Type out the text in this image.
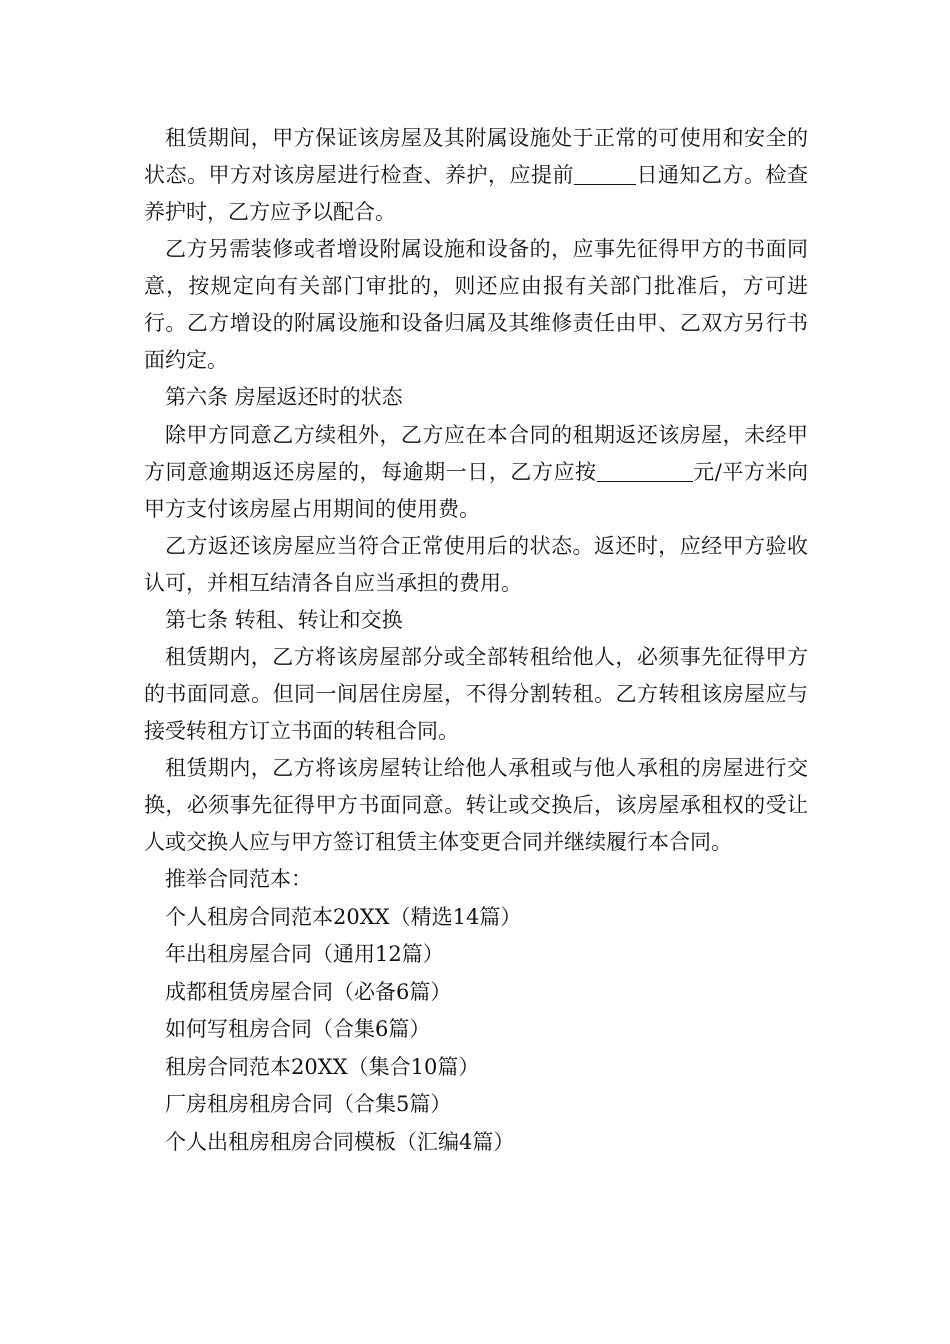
租赁期间，甲方保证该房屋及其附属设施处于正常的可使用和安全的状态。甲方对该房屋进行检查、养护，应提前	日通知乙方。检查养护时，乙方应予以配合。

乙方另需装修或者增设附属设施和设备的，应事先征得甲方的书面同意，按规定向有关部门审批的，则还应由报有关部门批准后，方可进行。乙方增设的附属设施和设备归属及其维修责任由甲、乙双方另行书面约定。

第六条 房屋返还时的状态

除甲方同意乙方续租外，乙方应在本合同的租期返还该房屋，未经甲方同意逾期返还房屋的，每逾期一日，乙方应按	元/平方米向甲方支付该房屋占用期间的使用费。

乙方返还该房屋应当符合正常使用后的状态。返还时，应经甲方验收认可，并相互结清各自应当承担的费用。

第七条 转租、转让和交换

租赁期内，乙方将该房屋部分或全部转租给他人，必须事先征得甲方的书面同意。但同一间居住房屋，不得分割转租。乙方转租该房屋应与接受转租方订立书面的转租合同。

租赁期内，乙方将该房屋转让给他人承租或与他人承租的房屋进行交换，必须事先征得甲方书面同意。转让或交换后，该房屋承租权的受让人或交换人应与甲方签订租赁主体变更合同并继续履行本合同。

推举合同范本：

个人租房合同范本20XX（精选14篇）

年出租房屋合同（通用12篇）

成都租赁房屋合同（必备6篇）

如何写租房合同（合集6篇）

租房合同范本20XX（集合10篇）

厂房租房租房合同（合集5篇）

个人出租房租房合同模板（汇编4篇）
